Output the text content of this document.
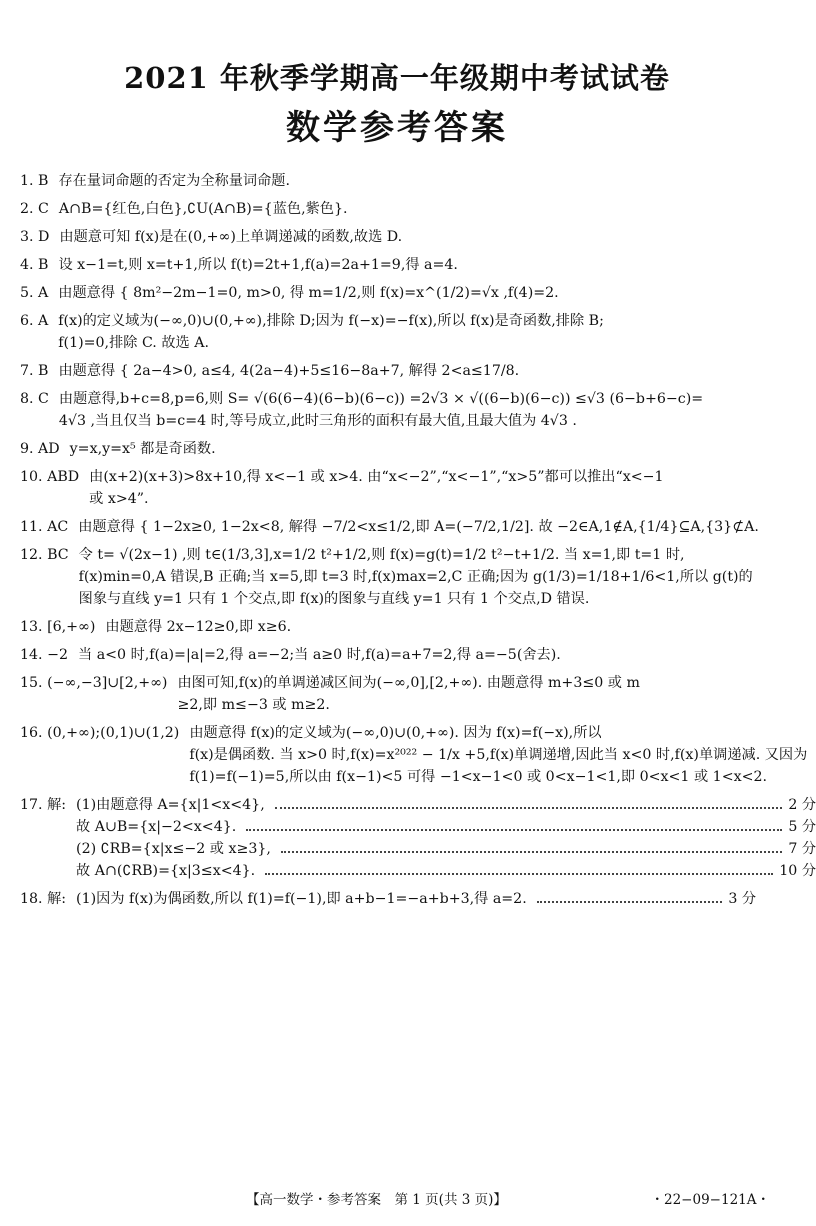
2021 年秋季学期高一年级期中考试试卷
数学参考答案
1. B 存在量词命题的否定为全称量词命题.
2. C A∩B={红色,白色},∁U(A∩B)={蓝色,紫色}.
3. D 由题意可知 f(x)是在(0,+∞)上单调递减的函数,故选 D.
4. B 设 x−1=t,则 x=t+1,所以 f(t)=2t+1,f(a)=2a+1=9,得 a=4.
5. A 由题意得 { 8m²−2m−1=0, m>0, 得 m=1/2,则 f(x)=x^(1/2)=√x ,f(4)=2.
6. A f(x)的定义域为(−∞,0)∪(0,+∞),排除 D;因为 f(−x)=−f(x),所以 f(x)是奇函数,排除 B;
f(1)=0,排除 C. 故选 A.
7. B 由题意得 { 2a−4>0, a≤4, 4(2a−4)+5≤16−8a+7, 解得 2<a≤17/8.
8. C 由题意得,b+c=8,p=6,则 S= √(6(6−4)(6−b)(6−c)) =2√3 × √((6−b)(6−c)) ≤√3 (6−b+6−c)=
4√3 ,当且仅当 b=c=4 时,等号成立,此时三角形的面积有最大值,且最大值为 4√3 .
9. AD y=x,y=x⁵ 都是奇函数.
10. ABD 由(x+2)(x+3)>8x+10,得 x<−1 或 x>4. 由“x<−2”,“x<−1”,“x>5”都可以推出“x<−1
或 x>4”.
11. AC 由题意得 { 1−2x≥0, 1−2x<8, 解得 −7/2<x≤1/2,即 A=(−7/2,1/2]. 故 −2∈A,1∉A,{1/4}⊆A,{3}⊄A.
12. BC 令 t= √(2x−1) ,则 t∈(1/3,3],x=1/2 t²+1/2,则 f(x)=g(t)=1/2 t²−t+1/2. 当 x=1,即 t=1 时,
f(x)min=0,A 错误,B 正确;当 x=5,即 t=3 时,f(x)max=2,C 正确;因为 g(1/3)=1/18+1/6<1,所以 g(t)的
图象与直线 y=1 只有 1 个交点,即 f(x)的图象与直线 y=1 只有 1 个交点,D 错误.
13. [6,+∞) 由题意得 2x−12≥0,即 x≥6.
14. −2 当 a<0 时,f(a)=|a|=2,得 a=−2;当 a≥0 时,f(a)=a+7=2,得 a=−5(舍去).
15. (−∞,−3]∪[2,+∞) 由图可知,f(x)的单调递减区间为(−∞,0],[2,+∞). 由题意得 m+3≤0 或 m
≥2,即 m≤−3 或 m≥2.
16. (0,+∞);(0,1)∪(1,2) 由题意得 f(x)的定义域为(−∞,0)∪(0,+∞). 因为 f(x)=f(−x),所以
f(x)是偶函数. 当 x>0 时,f(x)=x²⁰²² − 1/x +5,f(x)单调递增,因此当 x<0 时,f(x)单调递减. 又因为
f(1)=f(−1)=5,所以由 f(x−1)<5 可得 −1<x−1<0 或 0<x−1<1,即 0<x<1 或 1<x<2.
17. 解: (1)由题意得 A={x|1<x<4},	2 分
故 A∪B={x|−2<x<4}.	5 分
(2) ∁RB={x|x≤−2 或 x≥3},	7 分
故 A∩(∁RB)={x|3≤x<4}.	10 分
18. 解: (1)因为 f(x)为偶函数,所以 f(1)=f(−1),即 a+b−1=−a+b+3,得 a=2.	3 分
【高一数学・参考答案　第 1 页(共 3 页)】	・22−09−121A・
